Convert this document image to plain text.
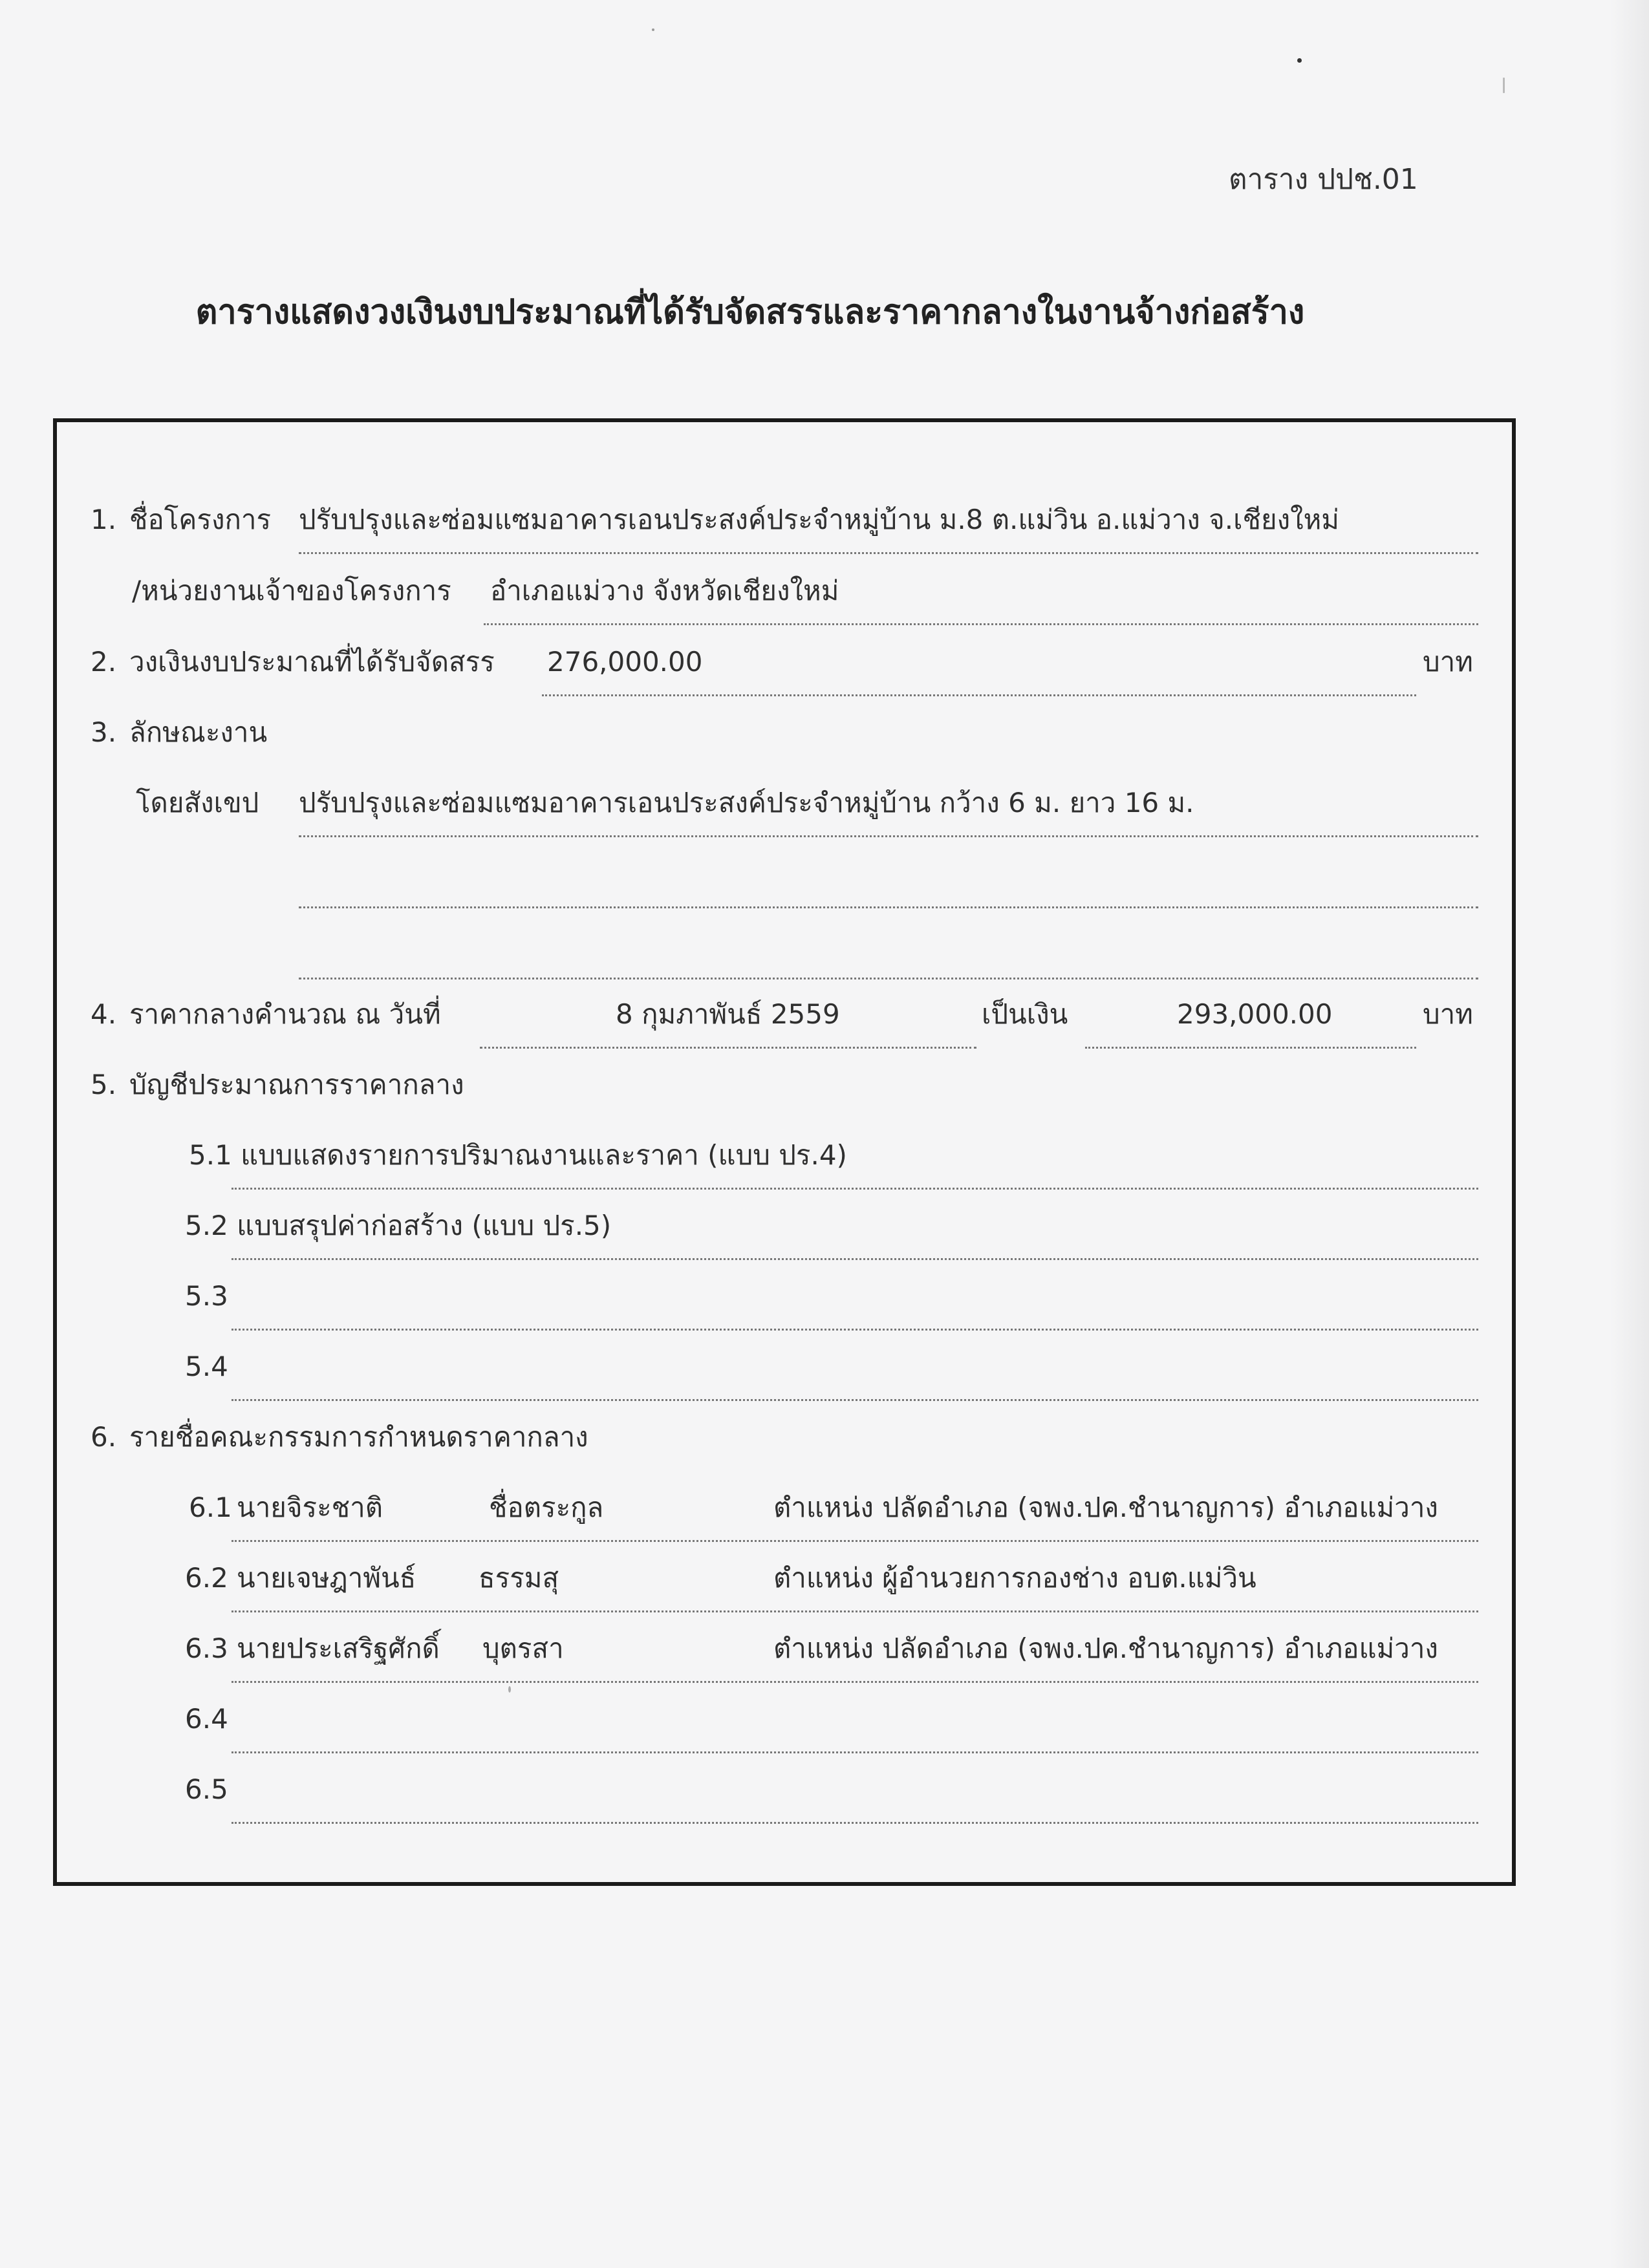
ตาราง ปปช.01
ตารางแสดงวงเงินงบประมาณที่ได้รับจัดสรรและราคากลางในงานจ้างก่อสร้าง
1. ชื่อโครงการ ปรับปรุงและซ่อมแซมอาคารเอนประสงค์ประจำหมู่บ้าน ม.8 ต.แม่วิน อ.แม่วาง จ.เชียงใหม่
/หน่วยงานเจ้าของโครงการ อำเภอแม่วาง จังหวัดเชียงใหม่
2. วงเงินงบประมาณที่ได้รับจัดสรร 276,000.00	บาท
3. ลักษณะงาน
โดยสังเขป ปรับปรุงและซ่อมแซมอาคารเอนประสงค์ประจำหมู่บ้าน กว้าง 6 ม. ยาว 16 ม.
4. ราคากลางคำนวณ ณ วันที่	8 กุมภาพันธ์ 2559	เป็นเงิน	293,000.00	บาท
5. บัญชีประมาณการราคากลาง
5.1 แบบแสดงรายการปริมาณงานและราคา (แบบ ปร.4)
5.2 แบบสรุปค่าก่อสร้าง (แบบ ปร.5)
5.3
5.4
6. รายชื่อคณะกรรมการกำหนดราคากลาง
6.1 นายจิระชาติ	ชื่อตระกูล	ตำแหน่ง ปลัดอำเภอ (จพง.ปค.ชำนาญการ) อำเภอแม่วาง
6.2 นายเจษฎาพันธ์ ธรรมสุ	ตำแหน่ง ผู้อำนวยการกองช่าง อบต.แม่วิน
6.3 นายประเสริฐศักดิ์ บุตรสา	ตำแหน่ง ปลัดอำเภอ (จพง.ปค.ชำนาญการ) อำเภอแม่วาง
6.4
6.5
